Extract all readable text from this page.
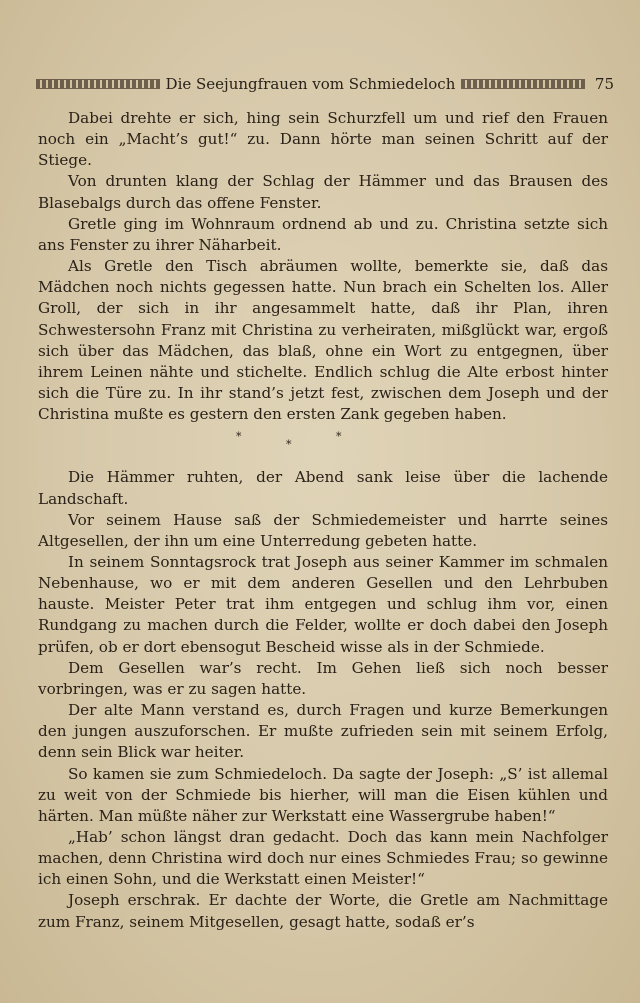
Die Seejungfrauen vom Schmiedeloch	75

Dabei drehte er sich, hing sein Schurzfell um und rief den Frauen noch ein „Macht’s gut!“ zu. Dann hörte man seinen Schritt auf der Stiege.

Von drunten klang der Schlag der Hämmer und das Brausen des Blasebalgs durch das offene Fenster.

Gretle ging im Wohnraum ordnend ab und zu. Christina setzte sich ans Fenster zu ihrer Näharbeit.

Als Gretle den Tisch abräumen wollte, bemerkte sie, daß das Mädchen noch nichts gegessen hatte. Nun brach ein Schelten los. Aller Groll, der sich in ihr angesammelt hatte, daß ihr Plan, ihren Schwestersohn Franz mit Christina zu verheiraten, mißglückt war, ergoß sich über das Mädchen, das blaß, ohne ein Wort zu entgegnen, über ihrem Leinen nähte und stichelte. Endlich schlug die Alte erbost hinter sich die Türe zu. In ihr stand’s jetzt fest, zwischen dem Joseph und der Christina mußte es gestern den ersten Zank gegeben haben.

*
*
*

Die Hämmer ruhten, der Abend sank leise über die lachende Landschaft.

Vor seinem Hause saß der Schmiedemeister und harrte seines Altgesellen, der ihn um eine Unterredung gebeten hatte.

In seinem Sonntagsrock trat Joseph aus seiner Kammer im schmalen Nebenhause, wo er mit dem anderen Gesellen und den Lehrbuben hauste. Meister Peter trat ihm entgegen und schlug ihm vor, einen Rundgang zu machen durch die Felder, wollte er doch dabei den Joseph prüfen, ob er dort ebensogut Bescheid wisse als in der Schmiede.

Dem Gesellen war’s recht. Im Gehen ließ sich noch besser vorbringen, was er zu sagen hatte.

Der alte Mann verstand es, durch Fragen und kurze Bemerkungen den jungen auszuforschen. Er mußte zufrieden sein mit seinem Erfolg, denn sein Blick war heiter.

So kamen sie zum Schmiedeloch. Da sagte der Joseph: „S’ ist allemal zu weit von der Schmiede bis hierher, will man die Eisen kühlen und härten. Man müßte näher zur Werkstatt eine Wassergrube haben!“

„Hab’ schon längst dran gedacht. Doch das kann mein Nachfolger machen, denn Christina wird doch nur eines Schmiedes Frau; so gewinne ich einen Sohn, und die Werkstatt einen Meister!“

Joseph erschrak. Er dachte der Worte, die Gretle am Nachmittage zum Franz, seinem Mitgesellen, gesagt hatte, sodaß er’s
